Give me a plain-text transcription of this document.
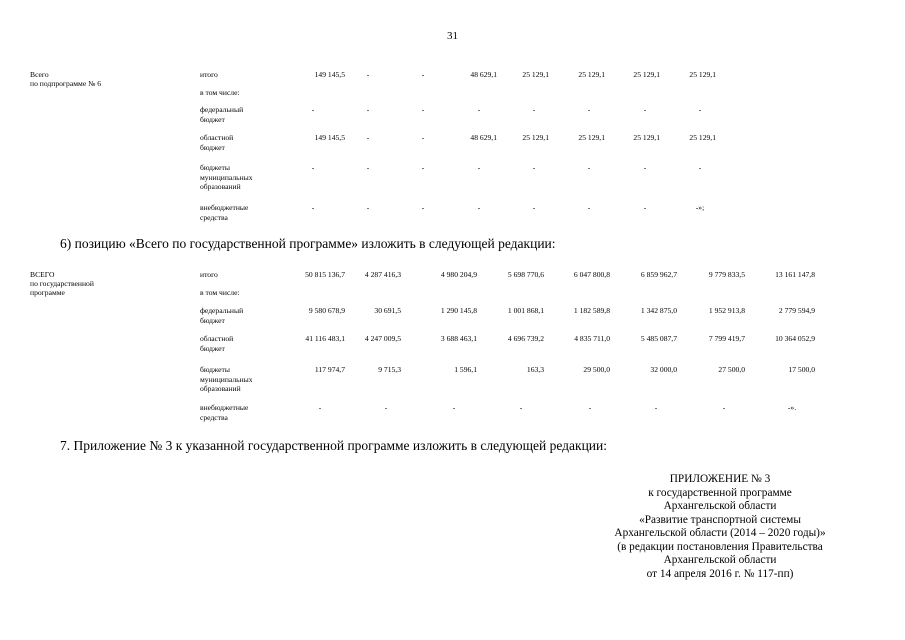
31
Всего
по подпрограмме № 6
итого	149 145,5	-	-	48 629,1	25 129,1	25 129,1	25 129,1	25 129,1
в том числе:
федеральный
бюджет
-	-	-	-	-	-	-	-
областной
бюджет
149 145,5	-	-	48 629,1	25 129,1	25 129,1	25 129,1	25 129,1
бюджеты
муниципальных
образований
-	-	-	-	-	-	-	-
внебюджетные
средства
-	-	-	-	-	-	-	-»;
6) позицию «Всего по государственной программе» изложить в следующей редакции:
ВСЕГО
по государственной
программе
итого	50 815 136,7	4 287 416,3	4 980 204,9	5 698 770,6	6 047 800,8	6 859 962,7	9 779 833,5	13 161 147,8
в том числе:
федеральный
бюджет
9 580 678,9	30 691,5	1 290 145,8	1 001 868,1	1 182 589,8	1 342 875,0	1 952 913,8	2 779 594,9
областной
бюджет
41 116 483,1	4 247 009,5	3 688 463,1	4 696 739,2	4 835 711,0	5 485 087,7	7 799 419,7	10 364 052,9
бюджеты
муниципальных
образований
117 974,7	9 715,3	1 596,1	163,3	29 500,0	32 000,0	27 500,0	17 500,0
внебюджетные
средства
-	-	-	-	-	-	-	-».
7. Приложение № 3 к указанной государственной программе изложить в следующей редакции:
ПРИЛОЖЕНИЕ № 3
к государственной программе
Архангельской области
«Развитие транспортной системы
Архангельской области (2014 – 2020 годы)»
(в редакции постановления Правительства
Архангельской области
от 14 апреля 2016 г. № 117-пп)
